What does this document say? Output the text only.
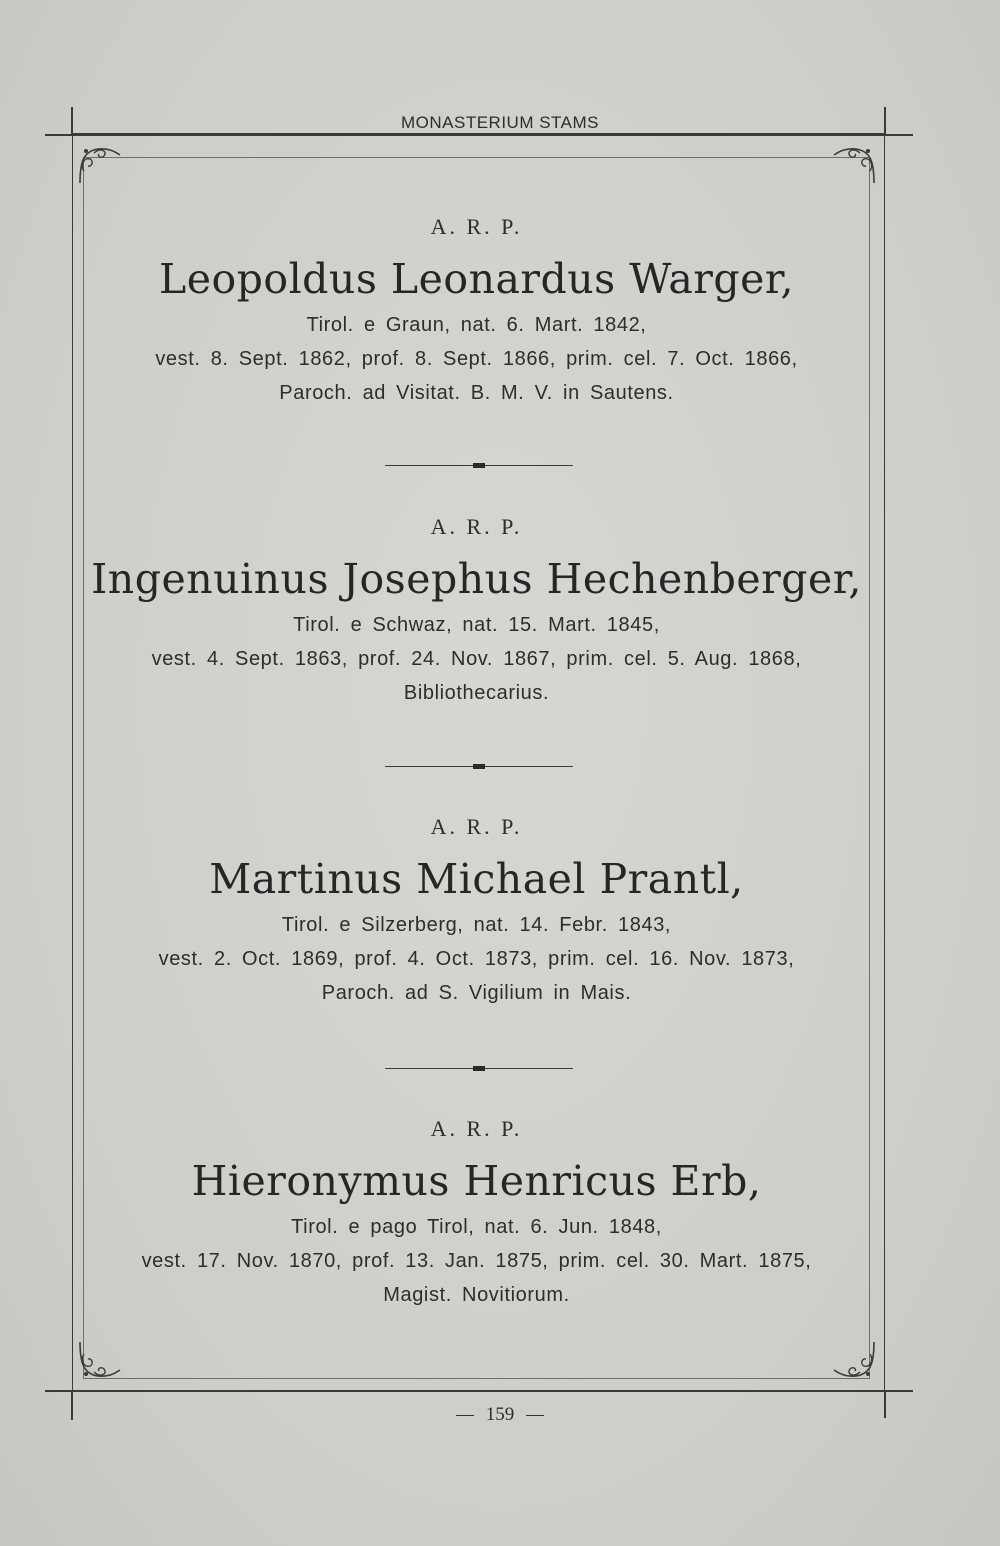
MONASTERIUM STAMS
159
A. R. P.
Leopoldus Leonardus Warger,
Tirol. e Graun, nat. 6. Mart. 1842,
vest. 8. Sept. 1862, prof. 8. Sept. 1866, prim. cel. 7. Oct. 1866,
Paroch. ad Visitat. B. M. V. in Sautens.
A. R. P.
Ingenuinus Josephus Hechenberger,
Tirol. e Schwaz, nat. 15. Mart. 1845,
vest. 4. Sept. 1863, prof. 24. Nov. 1867, prim. cel. 5. Aug. 1868,
Bibliothecarius.
A. R. P.
Martinus Michael Prantl,
Tirol. e Silzerberg, nat. 14. Febr. 1843,
vest. 2. Oct. 1869, prof. 4. Oct. 1873, prim. cel. 16. Nov. 1873,
Paroch. ad S. Vigilium in Mais.
A. R. P.
Hieronymus Henricus Erb,
Tirol. e pago Tirol, nat. 6. Jun. 1848,
vest. 17. Nov. 1870, prof. 13. Jan. 1875, prim. cel. 30. Mart. 1875,
Magist. Novitiorum.
